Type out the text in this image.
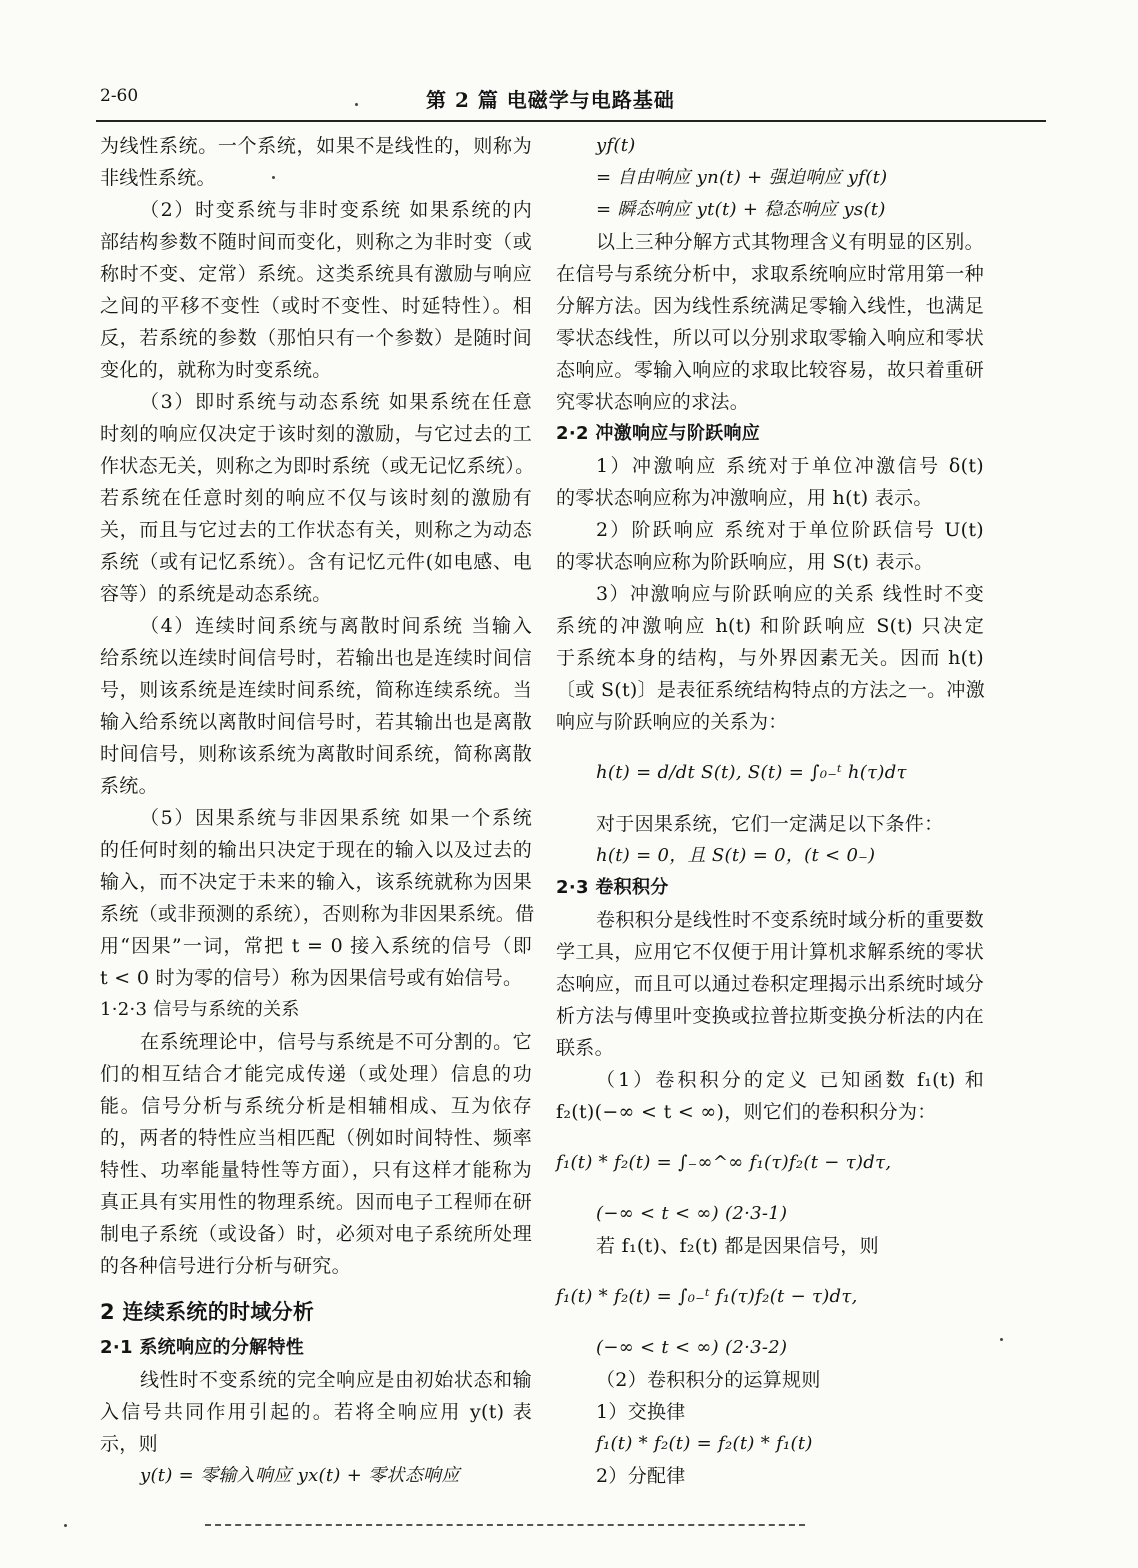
2-60	第 2 篇 电磁学与电路基础
为线性系统。一个系统，如果不是线性的，则称为
非线性系统。
（2）时变系统与非时变系统 如果系统的内
部结构参数不随时间而变化，则称之为非时变（或
称时不变、定常）系统。这类系统具有激励与响应
之间的平移不变性（或时不变性、时延特性）。相
反，若系统的参数（那怕只有一个参数）是随时间
变化的，就称为时变系统。
（3）即时系统与动态系统 如果系统在任意
时刻的响应仅决定于该时刻的激励，与它过去的工
作状态无关，则称之为即时系统（或无记忆系统）。
若系统在任意时刻的响应不仅与该时刻的激励有
关，而且与它过去的工作状态有关，则称之为动态
系统（或有记忆系统）。含有记忆元件(如电感、电
容等）的系统是动态系统。
（4）连续时间系统与离散时间系统 当输入
给系统以连续时间信号时，若输出也是连续时间信
号，则该系统是连续时间系统，简称连续系统。当
输入给系统以离散时间信号时，若其输出也是离散
时间信号，则称该系统为离散时间系统，简称离散
系统。
（5）因果系统与非因果系统 如果一个系统
的任何时刻的输出只决定于现在的输入以及过去的
输入，而不决定于未来的输入，该系统就称为因果
系统（或非预测的系统），否则称为非因果系统。借
用“因果”一词，常把 t = 0 接入系统的信号（即
t < 0 时为零的信号）称为因果信号或有始信号。
1·2·3 信号与系统的关系
在系统理论中，信号与系统是不可分割的。它
们的相互结合才能完成传递（或处理）信息的功
能。信号分析与系统分析是相辅相成、互为依存
的，两者的特性应当相匹配（例如时间特性、频率
特性、功率能量特性等方面），只有这样才能称为
真正具有实用性的物理系统。因而电子工程师在研
制电子系统（或设备）时，必须对电子系统所处理
的各种信号进行分析与研究。
2 连续系统的时域分析
2·1 系统响应的分解特性
线性时不变系统的完全响应是由初始状态和输
入信号共同作用引起的。若将全响应用 y(t) 表
示，则
y(t) = 零输入响应 yx(t) + 零状态响应
yf(t)
= 自由响应 yn(t) + 强迫响应 yf(t)
= 瞬态响应 yt(t) + 稳态响应 ys(t)
以上三种分解方式其物理含义有明显的区别。
在信号与系统分析中，求取系统响应时常用第一种
分解方法。因为线性系统满足零输入线性，也满足
零状态线性，所以可以分别求取零输入响应和零状
态响应。零输入响应的求取比较容易，故只着重研
究零状态响应的求法。
2·2 冲激响应与阶跃响应
1）冲激响应 系统对于单位冲激信号 δ(t)
的零状态响应称为冲激响应，用 h(t) 表示。
2）阶跃响应 系统对于单位阶跃信号 U(t)
的零状态响应称为阶跃响应，用 S(t) 表示。
3）冲激响应与阶跃响应的关系 线性时不变
系统的冲激响应 h(t) 和阶跃响应 S(t) 只决定
于系统本身的结构，与外界因素无关。因而 h(t)
〔或 S(t)〕是表征系统结构特点的方法之一。冲激
响应与阶跃响应的关系为：
h(t) = d/dt S(t), S(t) = ∫₀₋ᵗ h(τ)dτ
对于因果系统，它们一定满足以下条件：
h(t) = 0，且 S(t) = 0，(t < 0₋)
2·3 卷积积分
卷积积分是线性时不变系统时域分析的重要数
学工具，应用它不仅便于用计算机求解系统的零状
态响应，而且可以通过卷积定理揭示出系统时域分
析方法与傅里叶变换或拉普拉斯变换分析法的内在
联系。
（1）卷积积分的定义 已知函数 f₁(t) 和
f₂(t)(−∞ < t < ∞)，则它们的卷积积分为：
f₁(t) * f₂(t) = ∫₋∞^∞ f₁(τ)f₂(t − τ)dτ,
(−∞ < t < ∞) (2·3-1)
若 f₁(t)、f₂(t) 都是因果信号，则
f₁(t) * f₂(t) = ∫₀₋ᵗ f₁(τ)f₂(t − τ)dτ,
(−∞ < t < ∞) (2·3-2)
（2）卷积积分的运算规则
1）交换律
f₁(t) * f₂(t) = f₂(t) * f₁(t)
2）分配律
